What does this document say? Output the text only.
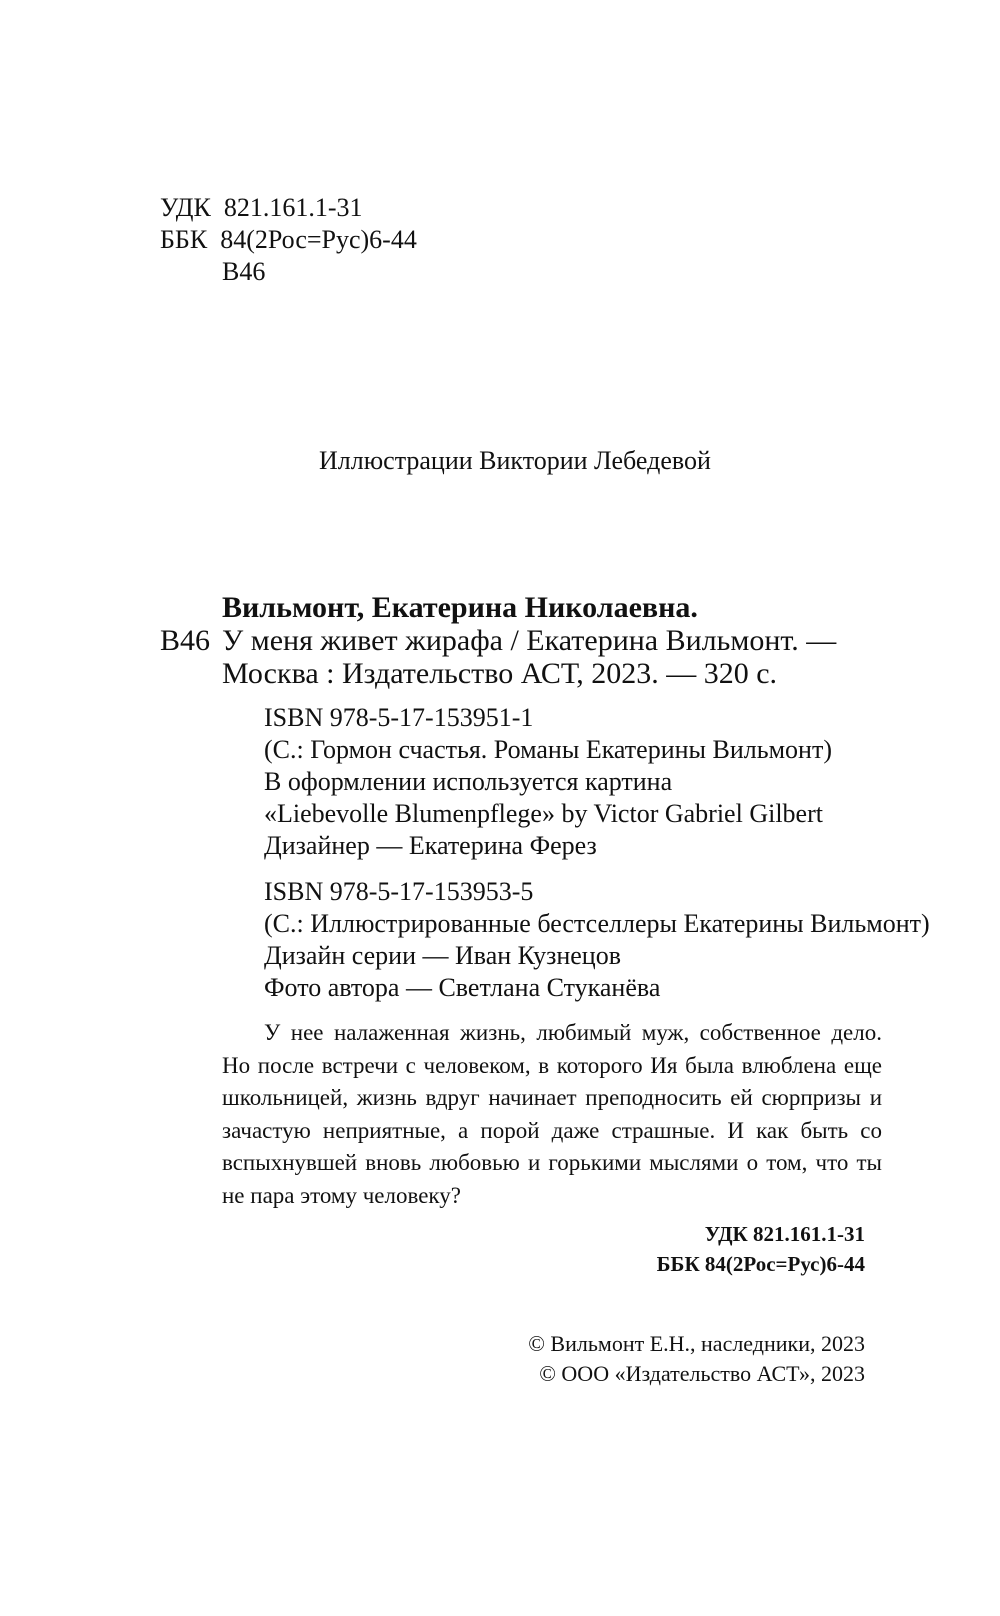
УДК  821.161.1-31
ББК  84(2Рос=Рус)6-44
В46
Иллюстрации Виктории Лебедевой
Вильмонт, Екатерина Николаевна.
В46 У меня живет жирафа / Екатерина Вильмонт. —
Москва : Издательство АСТ, 2023. — 320 с.
ISBN 978-5-17-153951-1
(С.: Гормон счастья. Романы Екатерины Вильмонт)
В оформлении используется картина
«Liebevolle Blumenpflege» by Victor Gabriel Gilbert
Дизайнер — Екатерина Ферез
ISBN 978-5-17-153953-5
(С.: Иллюстрированные бестселлеры Екатерины Вильмонт)
Дизайн серии — Иван Кузнецов
Фото автора — Светлана Стуканёва
У нее налаженная жизнь, любимый муж, собственное дело. Но после встречи с человеком, в которого Ия была влюблена еще школьницей, жизнь вдруг начинает преподносить ей сюрпризы и зачастую неприятные, а порой даже страшные. И как быть со вспыхнувшей вновь любовью и горькими мыслями о том, что ты не пара этому человеку?
УДК 821.161.1-31
ББК 84(2Рос=Рус)6-44
© Вильмонт Е.Н., наследники, 2023
© ООО «Издательство АСТ», 2023
